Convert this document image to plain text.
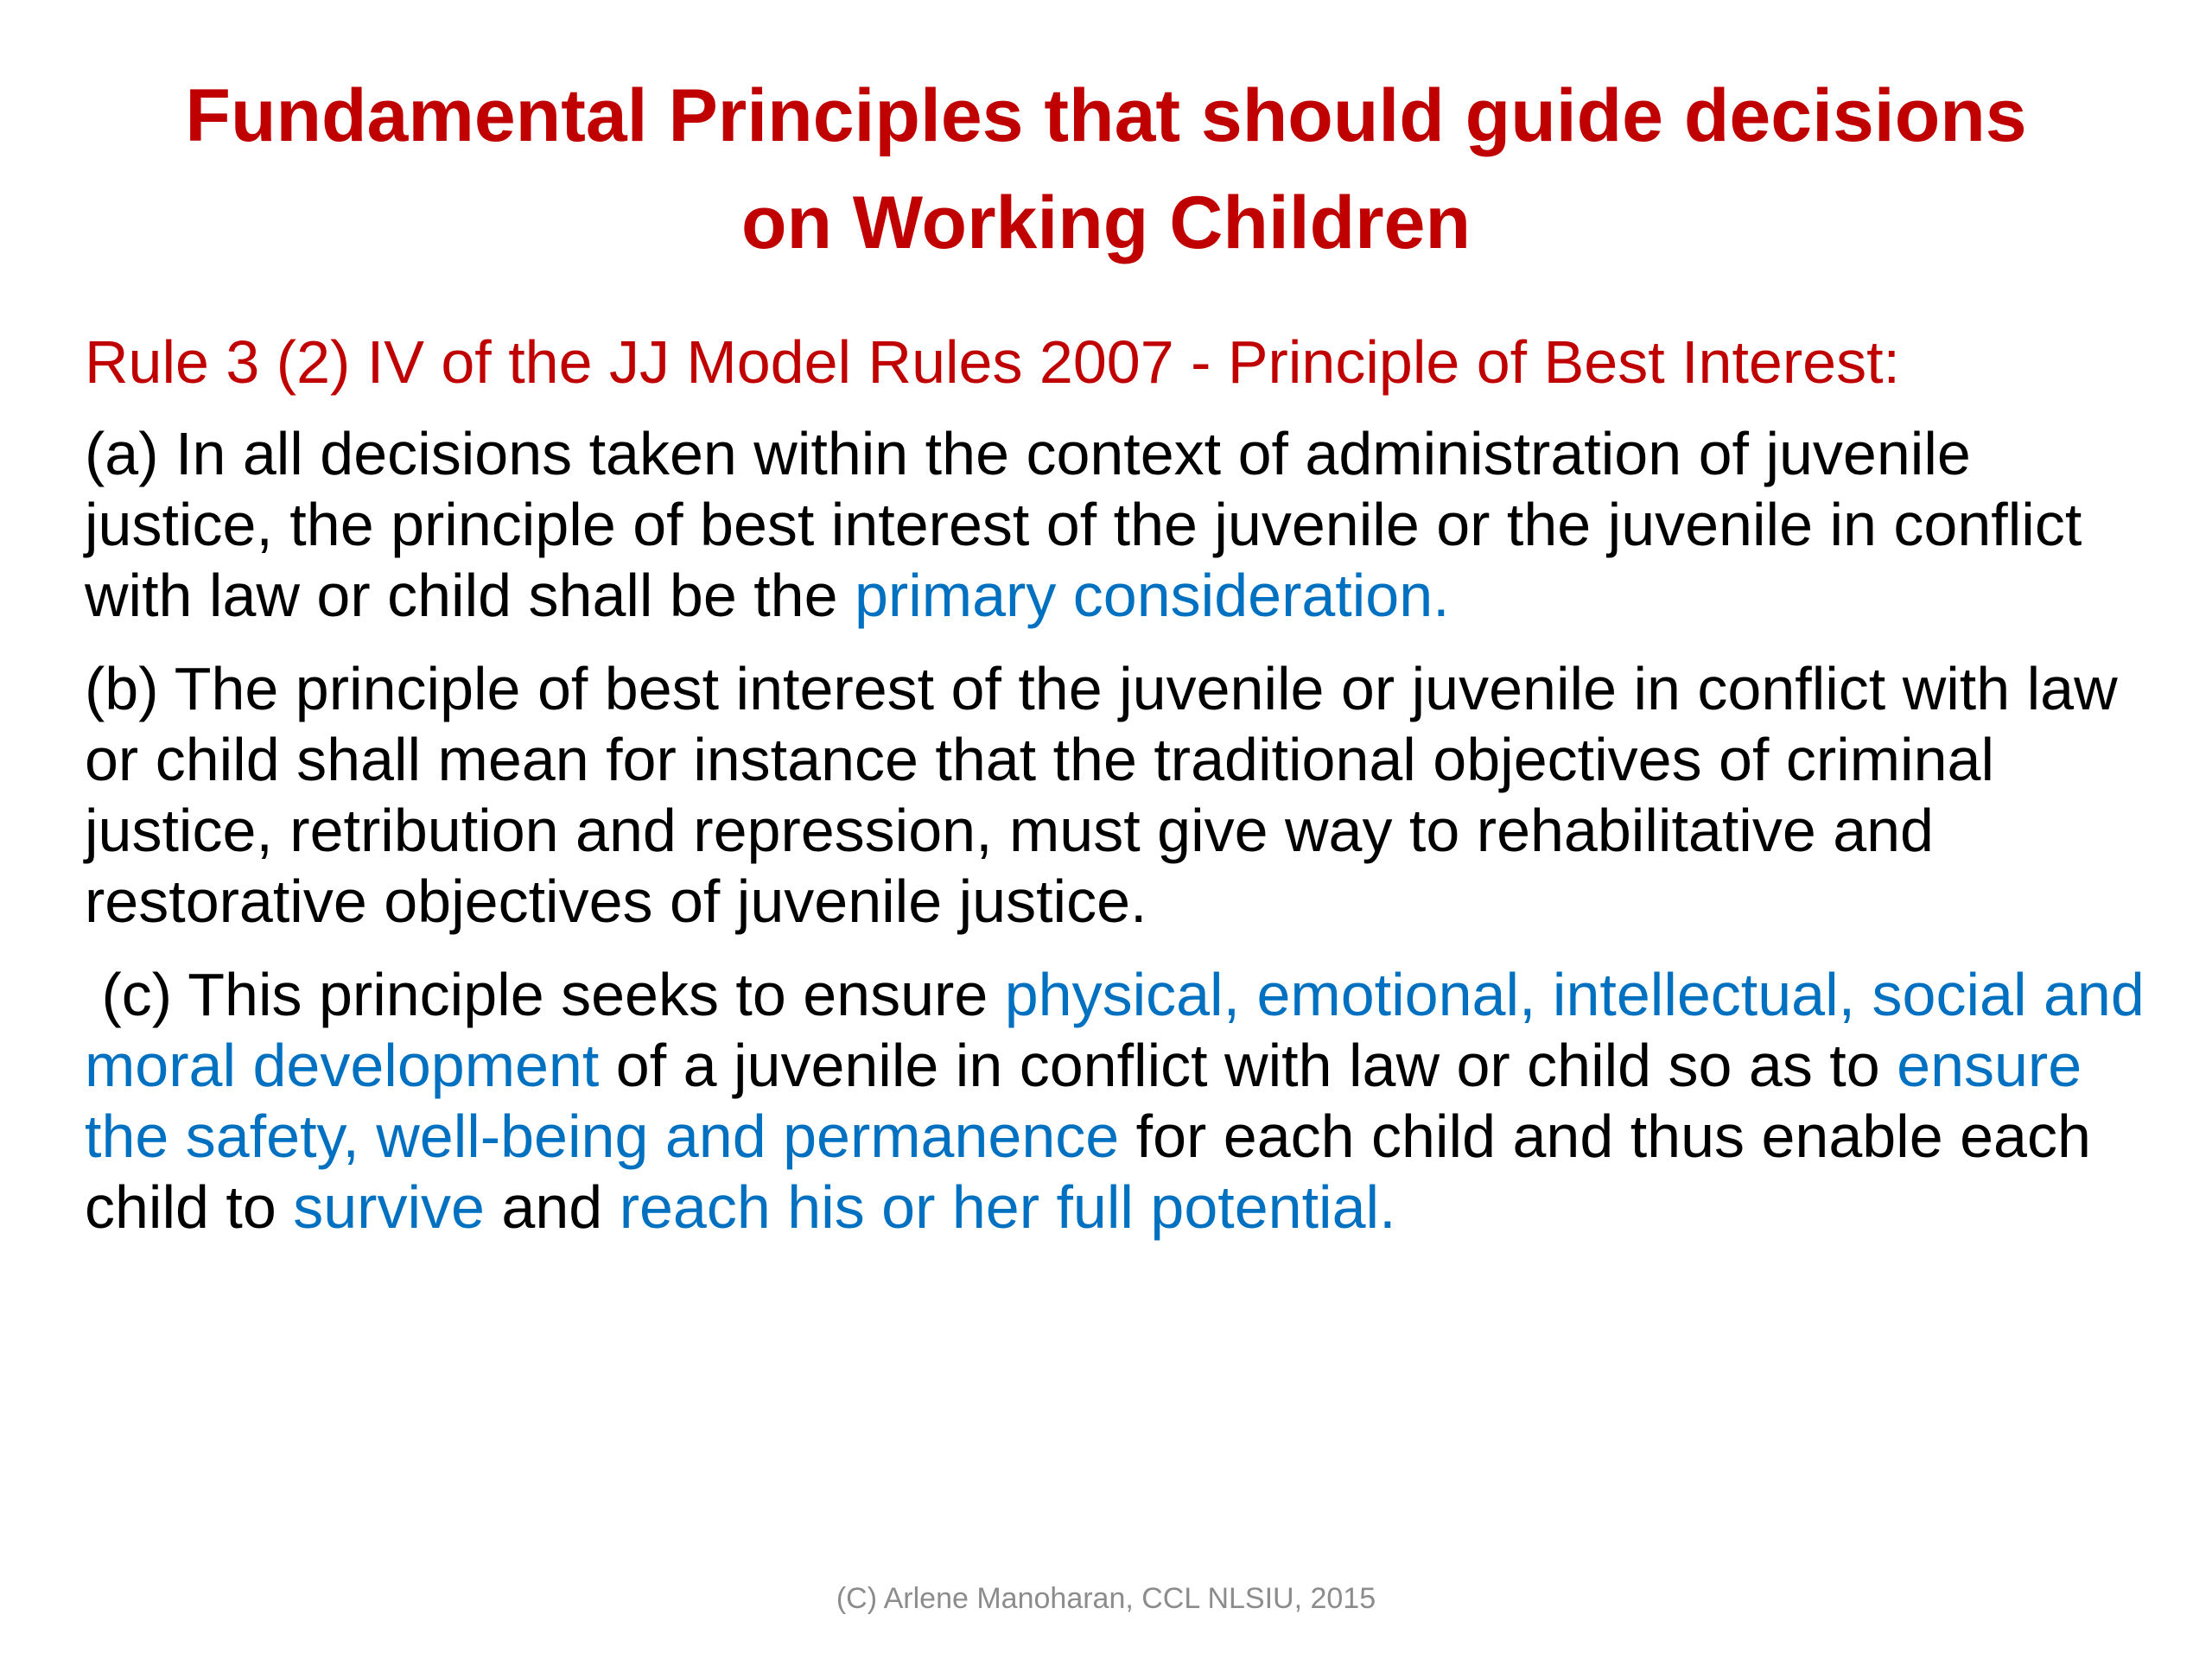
Fundamental Principles that should guide decisions
on Working Children
Rule 3 (2) IV of the JJ Model Rules 2007 - Principle of Best Interest:
(a) In all decisions taken within the context of administration of juvenile justice, the principle of best interest of the juvenile or the juvenile in conflict with law or child shall be the primary consideration.
(b) The principle of best interest of the juvenile or juvenile in conflict with law or child shall mean for instance that the traditional objectives of criminal justice, retribution and repression, must give way to rehabilitative and restorative objectives of juvenile justice.
(c) This principle seeks to ensure physical, emotional, intellectual, social and moral development of a juvenile in conflict with law or child so as to ensure the safety, well-being and permanence for each child and thus enable each child to survive and reach his or her full potential.
(C) Arlene Manoharan, CCL NLSIU, 2015
